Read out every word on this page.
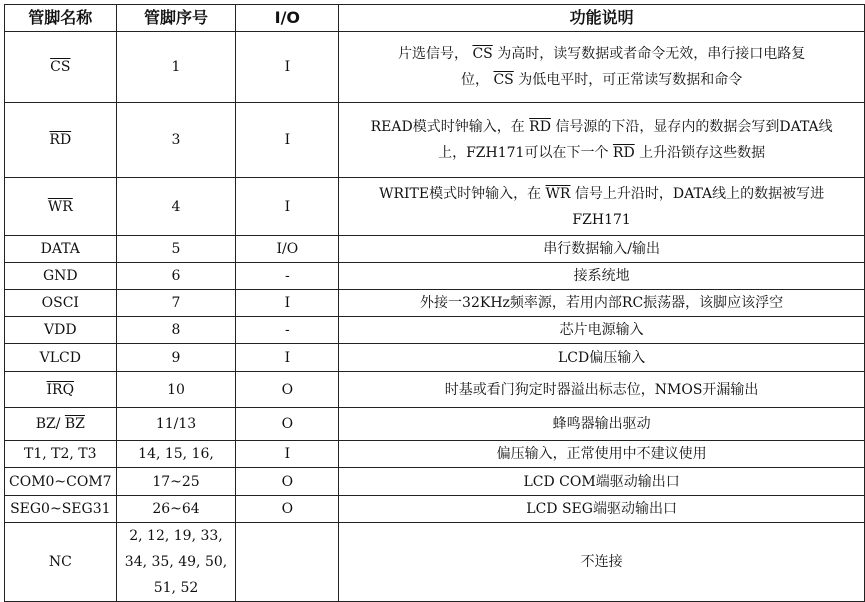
管脚名称	管脚序号	I/O	功能说明
$\overline{CS}$	1	I	片选信号， $\overline{CS}$ 为高时，读写数据或者命令无效，串行接口电路复
位， $\overline{CS}$ 为低电平时，可正常读写数据和命令
$\overline{RD}$	3	I	READ模式时钟输入，在 $\overline{RD}$ 信号源的下沿，显存内的数据会写到DATA线
上，FZH171可以在下一个 $\overline{RD}$ 上升沿锁存这些数据
$\overline{WR}$	4	I	WRITE模式时钟输入，在 $\overline{WR}$ 信号上升沿时，DATA线上的数据被写进
FZH171
DATA	5	I/O	串行数据输入/输出
GND	6	-	接系统地
OSCI	7	I	外接一32KHz频率源，若用内部RC振荡器，该脚应该浮空
VDD	8	-	芯片电源输入
VLCD	9	I	LCD偏压输入
$\overline{IRQ}$	10	O	时基或看门狗定时器溢出标志位，NMOS开漏输出
BZ/ $\overline{BZ}$	11/13	O	蜂鸣器输出驱动
T1, T2, T3	14, 15, 16,	I	偏压输入，正常使用中不建议使用
COM0~COM7	17~25	O	LCD COM端驱动输出口
SEG0~SEG31	26~64	O	LCD SEG端驱动输出口
NC	2, 12, 19, 33, 34, 35, 49, 50, 51, 52		不连接
